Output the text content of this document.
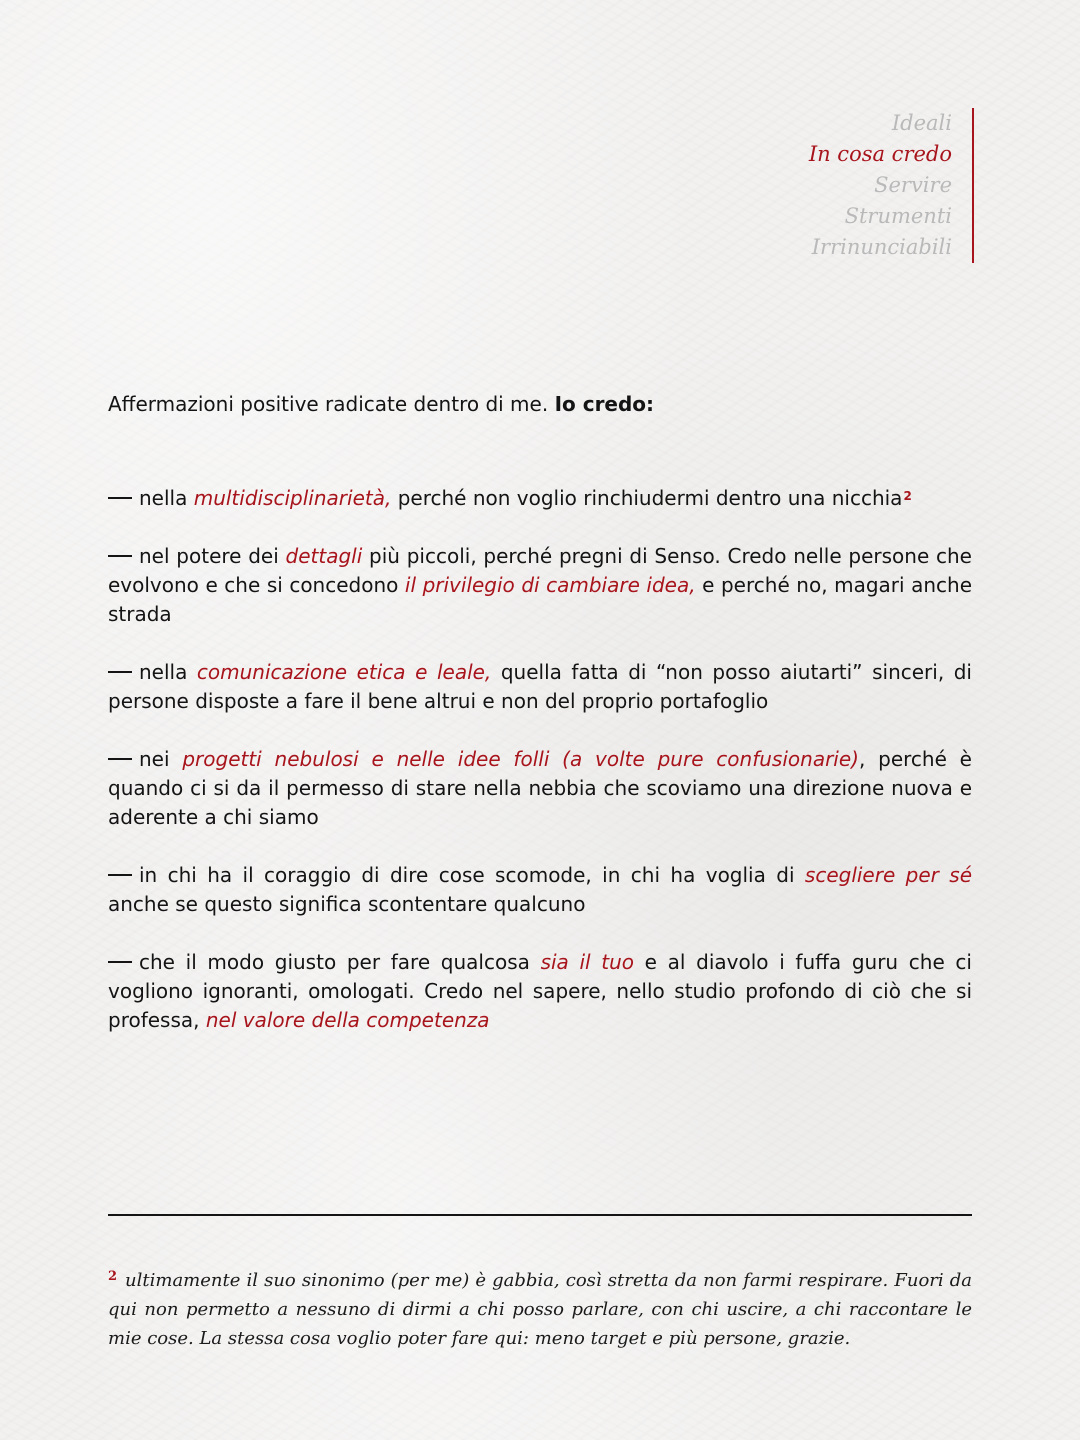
Ideali
In cosa credo
Servire
Strumenti
Irrinunciabili

Affermazioni positive radicate dentro di me. Io credo:

nella multidisciplinarietà, perché non voglio rinchiudermi dentro una nicchia$^2$

nel potere dei dettagli più piccoli, perché pregni di Senso. Credo nelle persone che evolvono e che si concedono il privilegio di cambiare idea, e perché no, magari anche strada

nella comunicazione etica e leale, quella fatta di “non posso aiutarti” sinceri, di persone disposte a fare il bene altrui e non del proprio portafoglio

nei progetti nebulosi e nelle idee folli (a volte pure confusionarie), perché è quando ci si da il permesso di stare nella nebbia che scoviamo una direzione nuova e aderente a chi siamo

in chi ha il coraggio di dire cose scomode, in chi ha voglia di scegliere per sé anche se questo significa scontentare qualcuno

che il modo giusto per fare qualcosa sia il tuo e al diavolo i fuffa guru che ci vogliono ignoranti, omologati. Credo nel sapere, nello studio profondo di ciò che si professa, nel valore della competenza

$^2$ ultimamente il suo sinonimo (per me) è gabbia, così stretta da non farmi respirare. Fuori da qui non permetto a nessuno di dirmi a chi posso parlare, con chi uscire, a chi raccontare le mie cose. La stessa cosa voglio poter fare qui: meno target e più persone, grazie.
